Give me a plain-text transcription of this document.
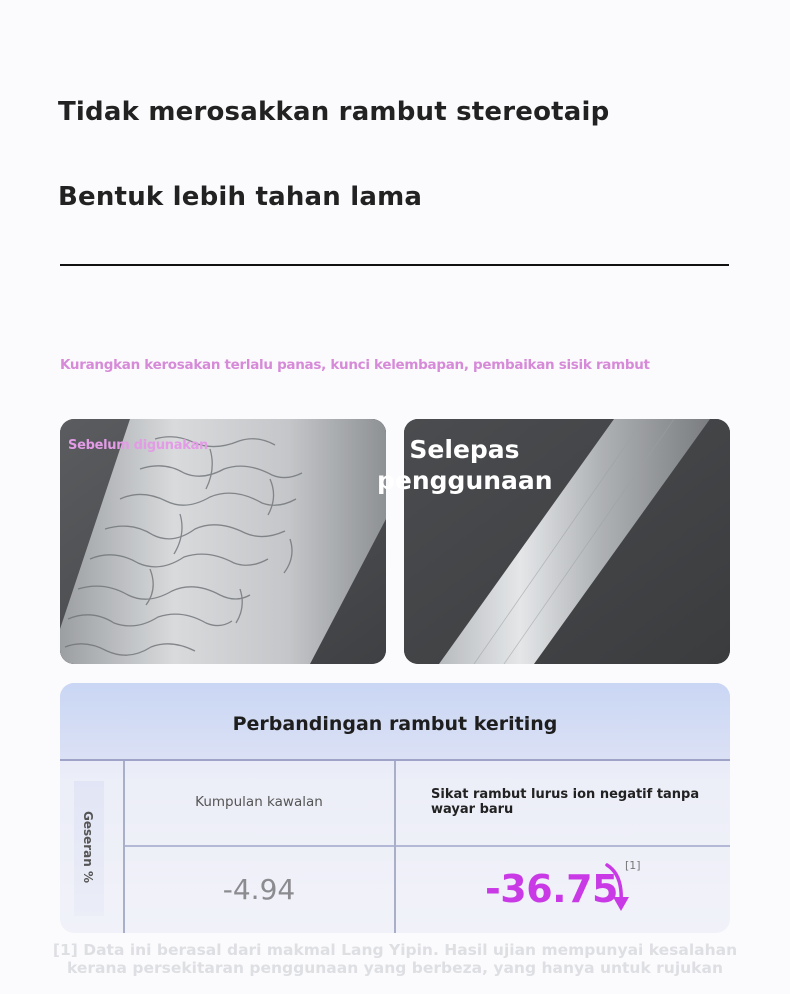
Tidak merosakkan rambut stereotaip
Bentuk lebih tahan lama
Kurangkan kerosakan terlalu panas, kunci kelembapan, pembaikan sisik rambut
Sebelum digunakan	Selepas
penggunaan
Perbandingan rambut keriting
Geseran %
Kumpulan kawalan	Sikat rambut lurus ion negatif tanpa wayar baru
-4.94	-36.75
[1]
[1] Data ini berasal dari makmal Lang Yipin. Hasil ujian mempunyai kesalahan
kerana persekitaran penggunaan yang berbeza, yang hanya untuk rujukan
